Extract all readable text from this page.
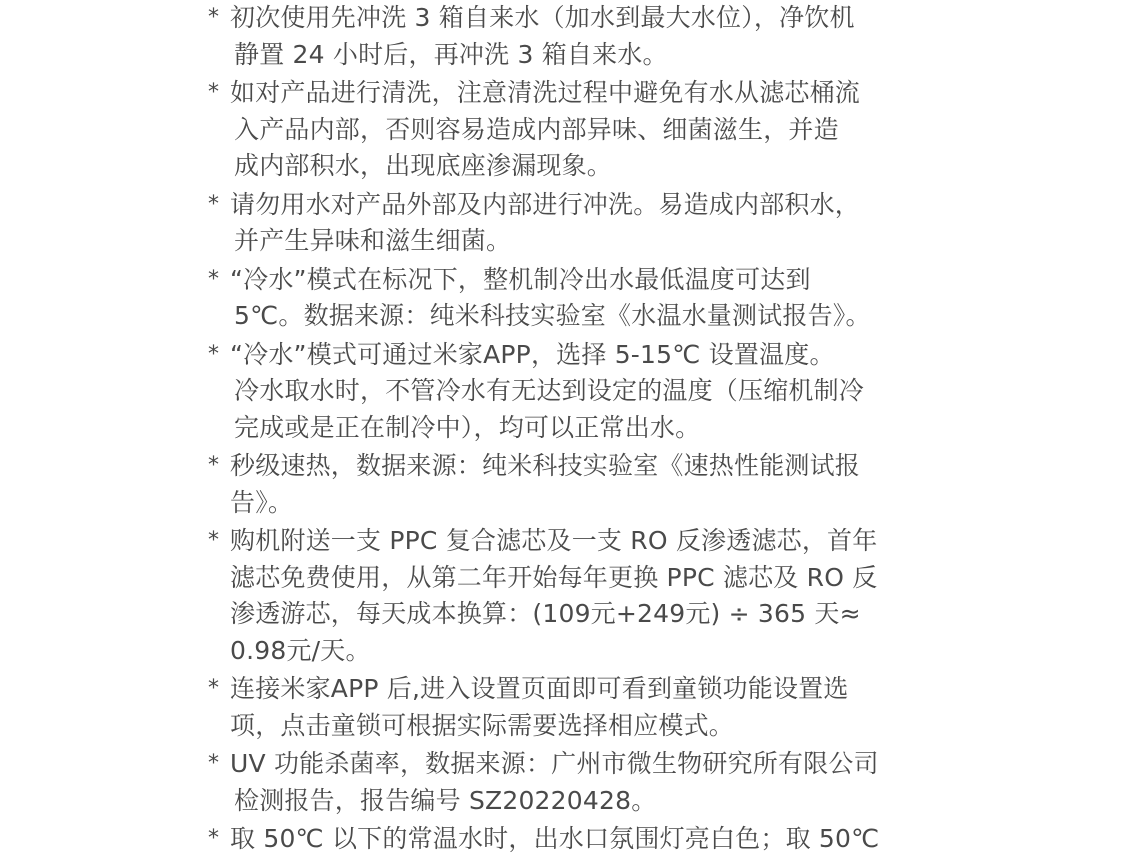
* 初次使用先冲洗 3 箱自来水（加水到最大水位），净饮机
静置 24 小时后，再冲洗 3 箱自来水。
* 如对产品进行清洗，注意清洗过程中避免有水从滤芯桶流
入产品内部，否则容易造成内部异味、细菌滋生，并造
成内部积水，出现底座渗漏现象。
* 请勿用水对产品外部及内部进行冲洗。易造成内部积水，
并产生异味和滋生细菌。
* “冷水”模式在标况下，整机制冷出水最低温度可达到
5℃。数据来源：纯米科技实验室《水温水量测试报告》。
* “冷水”模式可通过米家APP，选择 5-15℃ 设置温度。
冷水取水时，不管冷水有无达到设定的温度（压缩机制冷
完成或是正在制冷中），均可以正常出水。
* 秒级速热，数据来源：纯米科技实验室《速热性能测试报
告》。
* 购机附送一支 PPC 复合滤芯及一支 RO 反渗透滤芯，首年
滤芯免费使用，从第二年开始每年更换 PPC 滤芯及 RO 反
渗透游芯，每天成本换算：(109元+249元) ÷ 365 天≈
0.98元/天。
* 连接米家APP 后,进入设置页面即可看到童锁功能设置选
项，点击童锁可根据实际需要选择相应模式。
* UV 功能杀菌率，数据来源：广州市微生物研究所有限公司
检测报告，报告编号 SZ20220428。
* 取 50℃ 以下的常温水时，出水口氛围灯亮白色；取 50℃
